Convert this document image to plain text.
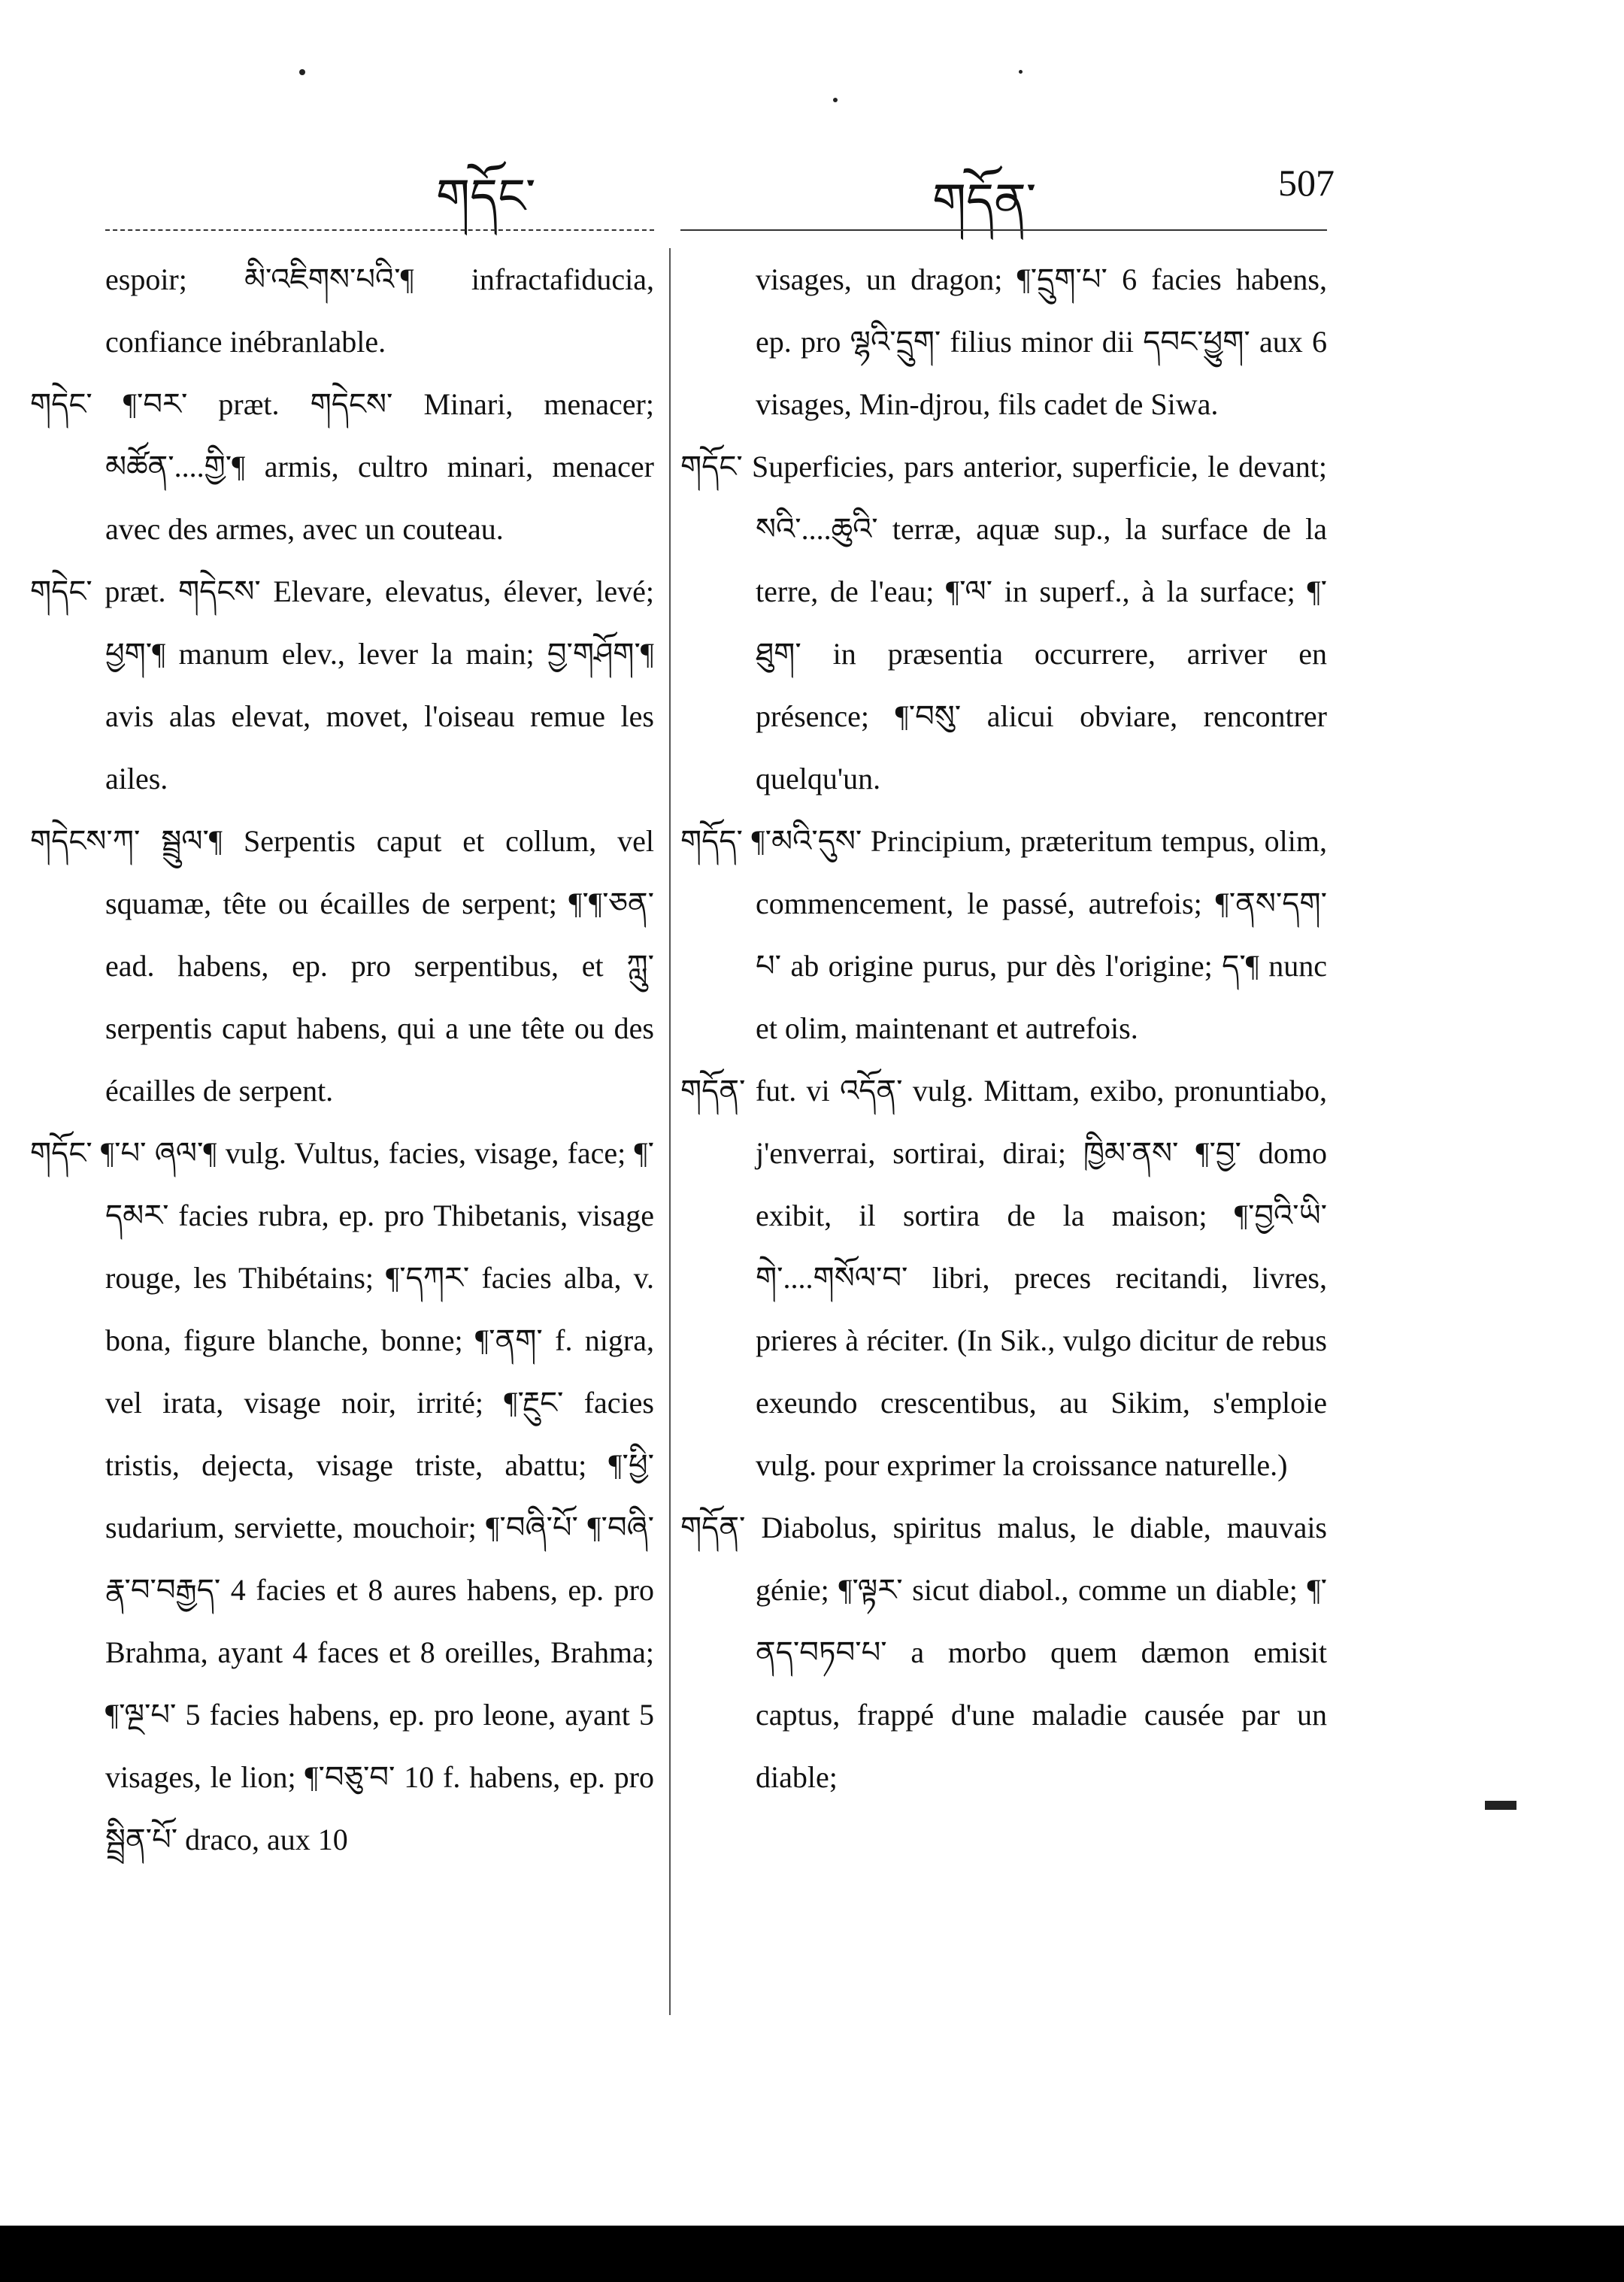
གདོང་	གདོན་	507

espoir; མི་འཇིགས་པའི་¶ infractafiducia, confiance inébranlable.

གདེང་ ¶་བར་ præt. གདེངས་ Minari, menacer; མཚོན་....གྱི་¶ armis, cultro minari, menacer avec des armes, avec un couteau.

གདེང་ præt. གདེངས་ Elevare, elevatus, élever, levé; ཕྱག་¶ manum elev., lever la main; བྱ་གཤོག་¶ avis alas elevat, movet, l'oiseau remue les ailes.

གདེངས་ཀ་ སྦྲུལ་¶ Serpentis caput et collum, vel squamæ, tête ou écailles de serpent; ¶་¶་ཅན་ ead. habens, ep. pro serpentibus, et ཀླུ་ serpentis caput habens, qui a une tête ou des écailles de serpent.

གདོང་ ¶་པ་ ཞལ་¶ vulg. Vultus, facies, visage, face; ¶་དམར་ facies rubra, ep. pro Thibetanis, visage rouge, les Thibétains; ¶་དཀར་ facies alba, v. bona, figure blanche, bonne; ¶་ནག་ f. nigra, vel irata, visage noir, irrité; ¶་རྔུང་ facies tristis, dejecta, visage triste, abattu; ¶་ཕྱི་ sudarium, serviette, mouchoir; ¶་བཞི་པོ་ ¶་བཞི་རྣ་བ་བརྒྱད་ 4 facies et 8 aures habens, ep. pro Brahma, ayant 4 faces et 8 oreilles, Brahma; ¶་ལྔ་པ་ 5 facies habens, ep. pro leone, ayant 5 visages, le lion; ¶་བཅུ་བ་ 10 f. habens, ep. pro སྦྲིན་པོ་ draco, aux 10

visages, un dragon; ¶་དྲུག་པ་ 6 facies habens, ep. pro ལྷའི་དྲུག་ filius minor dii དབང་ཕྱུག་ aux 6 visages, Min-djrou, fils cadet de Siwa.

གདོང་ Superficies, pars anterior, superficie, le devant; སའི་....ཆུའི་ terræ, aquæ sup., la surface de la terre, de l'eau; ¶་ལ་ in superf., à la surface; ¶་ཐུག་ in præsentia occurrere, arriver en présence; ¶་བསུ་ alicui obviare, rencontrer quelqu'un.

གདོད་ ¶་མའི་དུས་ Principium, præteritum tempus, olim, commencement, le passé, autrefois; ¶་ནས་དག་པ་ ab origine purus, pur dès l'origine; ད་¶ nunc et olim, maintenant et autrefois.

གདོན་ fut. vi འདོན་ vulg. Mittam, exibo, pronuntiabo, j'enverrai, sortirai, dirai; ཁྱིམ་ནས་ ¶་བྱ་ domo exibit, il sortira de la maison; ¶་བྱའི་ཡི་གེ་....གསོལ་བ་ libri, preces recitandi, livres, prieres à réciter. (In Sik., vulgo dicitur de rebus exeundo crescentibus, au Sikim, s'emploie vulg. pour exprimer la croissance naturelle.)

གདོན་ Diabolus, spiritus malus, le diable, mauvais génie; ¶་ལྟར་ sicut diabol., comme un diable; ¶་ནད་བཏབ་པ་ a morbo quem dæmon emisit captus, frappé d'une maladie causée par un diable;
